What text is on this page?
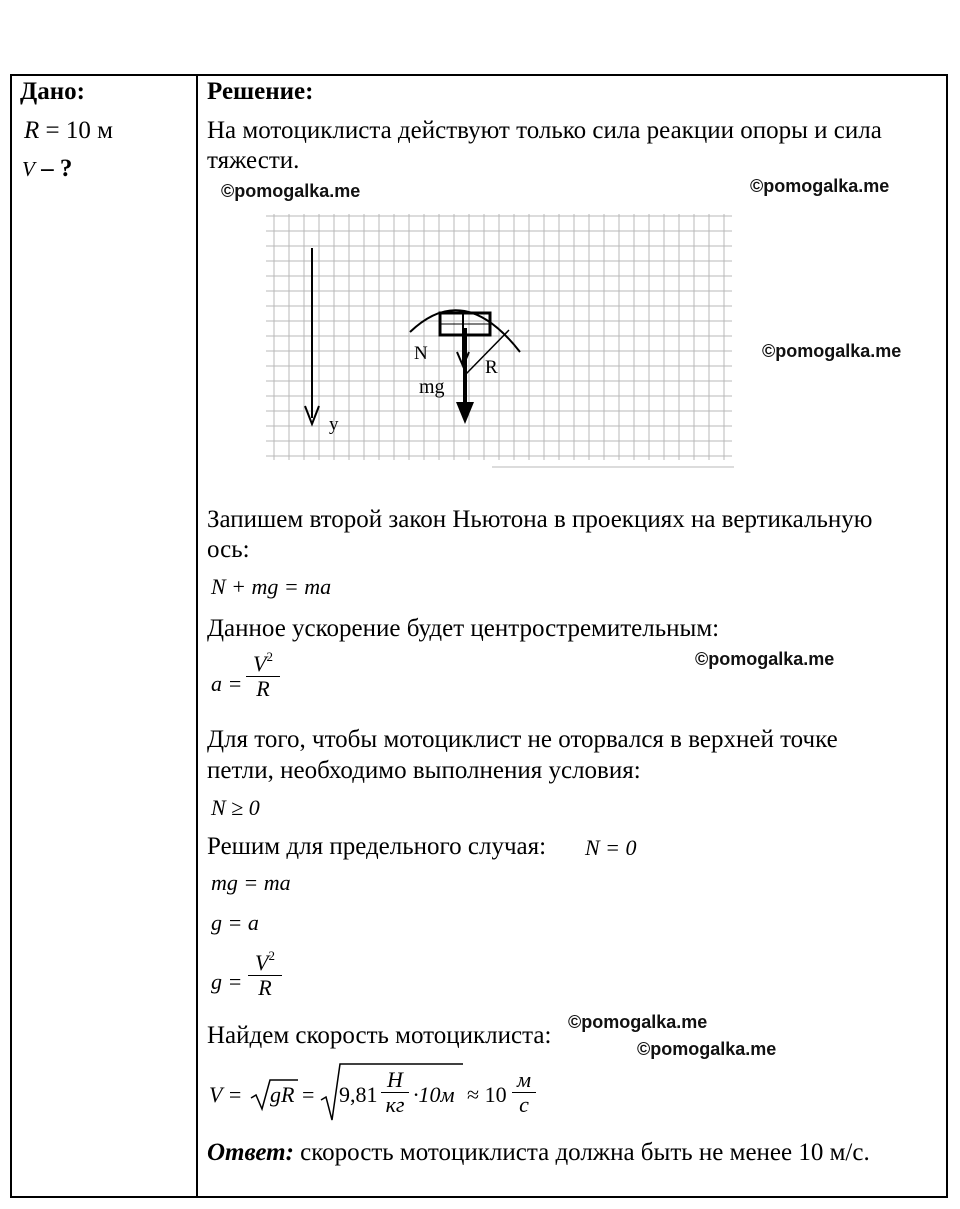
Дано:
R = 10 м
V – ?
Решение:
На мотоциклиста действуют только сила реакции опоры и сила
тяжести.
N
mg
R
y
Запишем второй закон Ньютона в проекциях на вертикальную
ось:
N + mg = ma
Данное ускорение будет центростремительным:
a =
$V^2$
R
Для того, чтобы мотоциклист не оторвался в верхней точке
петли, необходимо выполнения условия:
N ≥ 0
Решим для предельного случая: N = 0
mg = ma
g = a
g =
$V^2$
R
Найдем скорость мотоциклиста:
V = gR = 9,81
Н
кг ·10м ≈ 10
м
с
Ответ: скорость мотоциклиста должна быть не менее 10 м/с.
©pomogalka.me	©pomogalka.me
©pomogalka.me
©pomogalka.me
©pomogalka.me
©pomogalka.me
